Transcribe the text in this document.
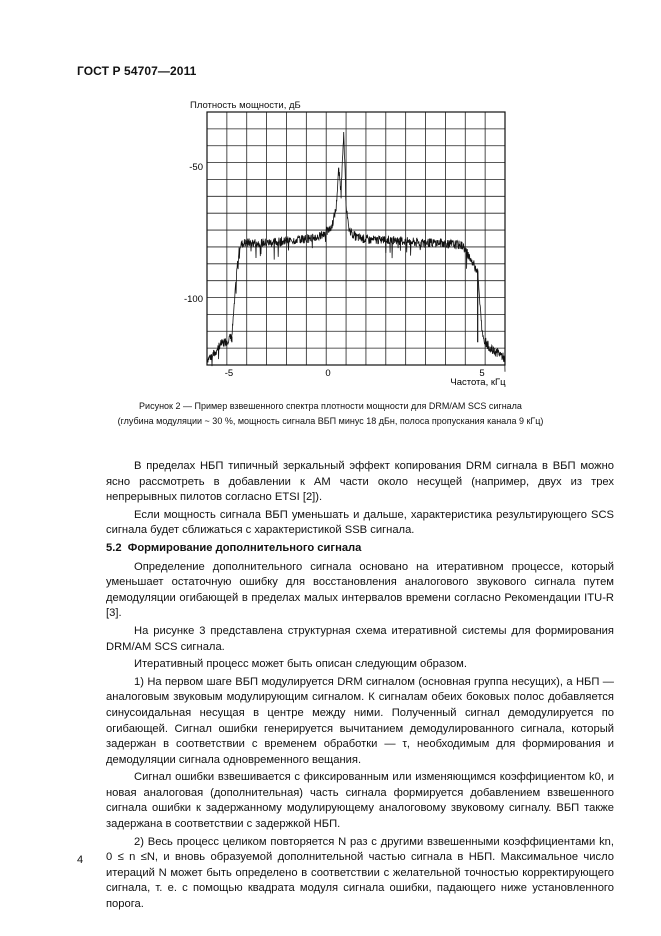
ГОСТ Р 54707—2011
Плотность мощности, дБ
-50
-100
-5	0	5
Частота, кГц
Рисунок 2 — Пример взвешенного спектра плотности мощности для DRM/AM SCS сигнала
(глубина модуляции ~ 30 %, мощность сигнала ВБП минус 18 дБн, полоса пропускания канала 9 кГц)

В пределах НБП типичный зеркальный эффект копирования DRM сигнала в ВБП можно ясно рассмотреть в добавлении к АМ части около несущей (например, двух из трех непрерывных пилотов согласно ETSI [2]).

Если мощность сигнала ВБП уменьшать и дальше, характеристика результирующего SCS сигнала будет сближаться с характеристикой SSB сигнала.

5.2 Формирование дополнительного сигнала

Определение дополнительного сигнала основано на итеративном процессе, который уменьшает остаточную ошибку для восстановления аналогового звукового сигнала путем демодуляции огибающей в пределах малых интервалов времени согласно Рекомендации ITU-R [3].

На рисунке 3 представлена структурная схема итеративной системы для формирования DRM/AM SCS сигнала.

Итеративный процесс может быть описан следующим образом.

1) На первом шаге ВБП модулируется DRM сигналом (основная группа несущих), а НБП — аналоговым звуковым модулирующим сигналом. К сигналам обеих боковых полос добавляется синусоидальная несущая в центре между ними. Полученный сигнал демодулируется по огибающей. Сигнал ошибки генерируется вычитанием демодулированного сигнала, который задержан в соответствии с временем обработки — τ, необходимым для формирования и демодуляции сигнала одновременного вещания.

Сигнал ошибки взвешивается с фиксированным или изменяющимся коэффициентом k0, и новая аналоговая (дополнительная) часть сигнала формируется добавлением взвешенного сигнала ошибки к задержанному модулирующему аналоговому звуковому сигналу. ВБП также задержана в соответствии с задержкой НБП.

2) Весь процесс целиком повторяется N раз с другими взвешенными коэффициентами kn, 0 ≤ n ≤N, и вновь образуемой дополнительной частью сигнала в НБП. Максимальное число итераций N может быть определено в соответствии с желательной точностью корректирующего сигнала, т. е. с помощью квадрата модуля сигнала ошибки, падающего ниже установленного порога.

4
